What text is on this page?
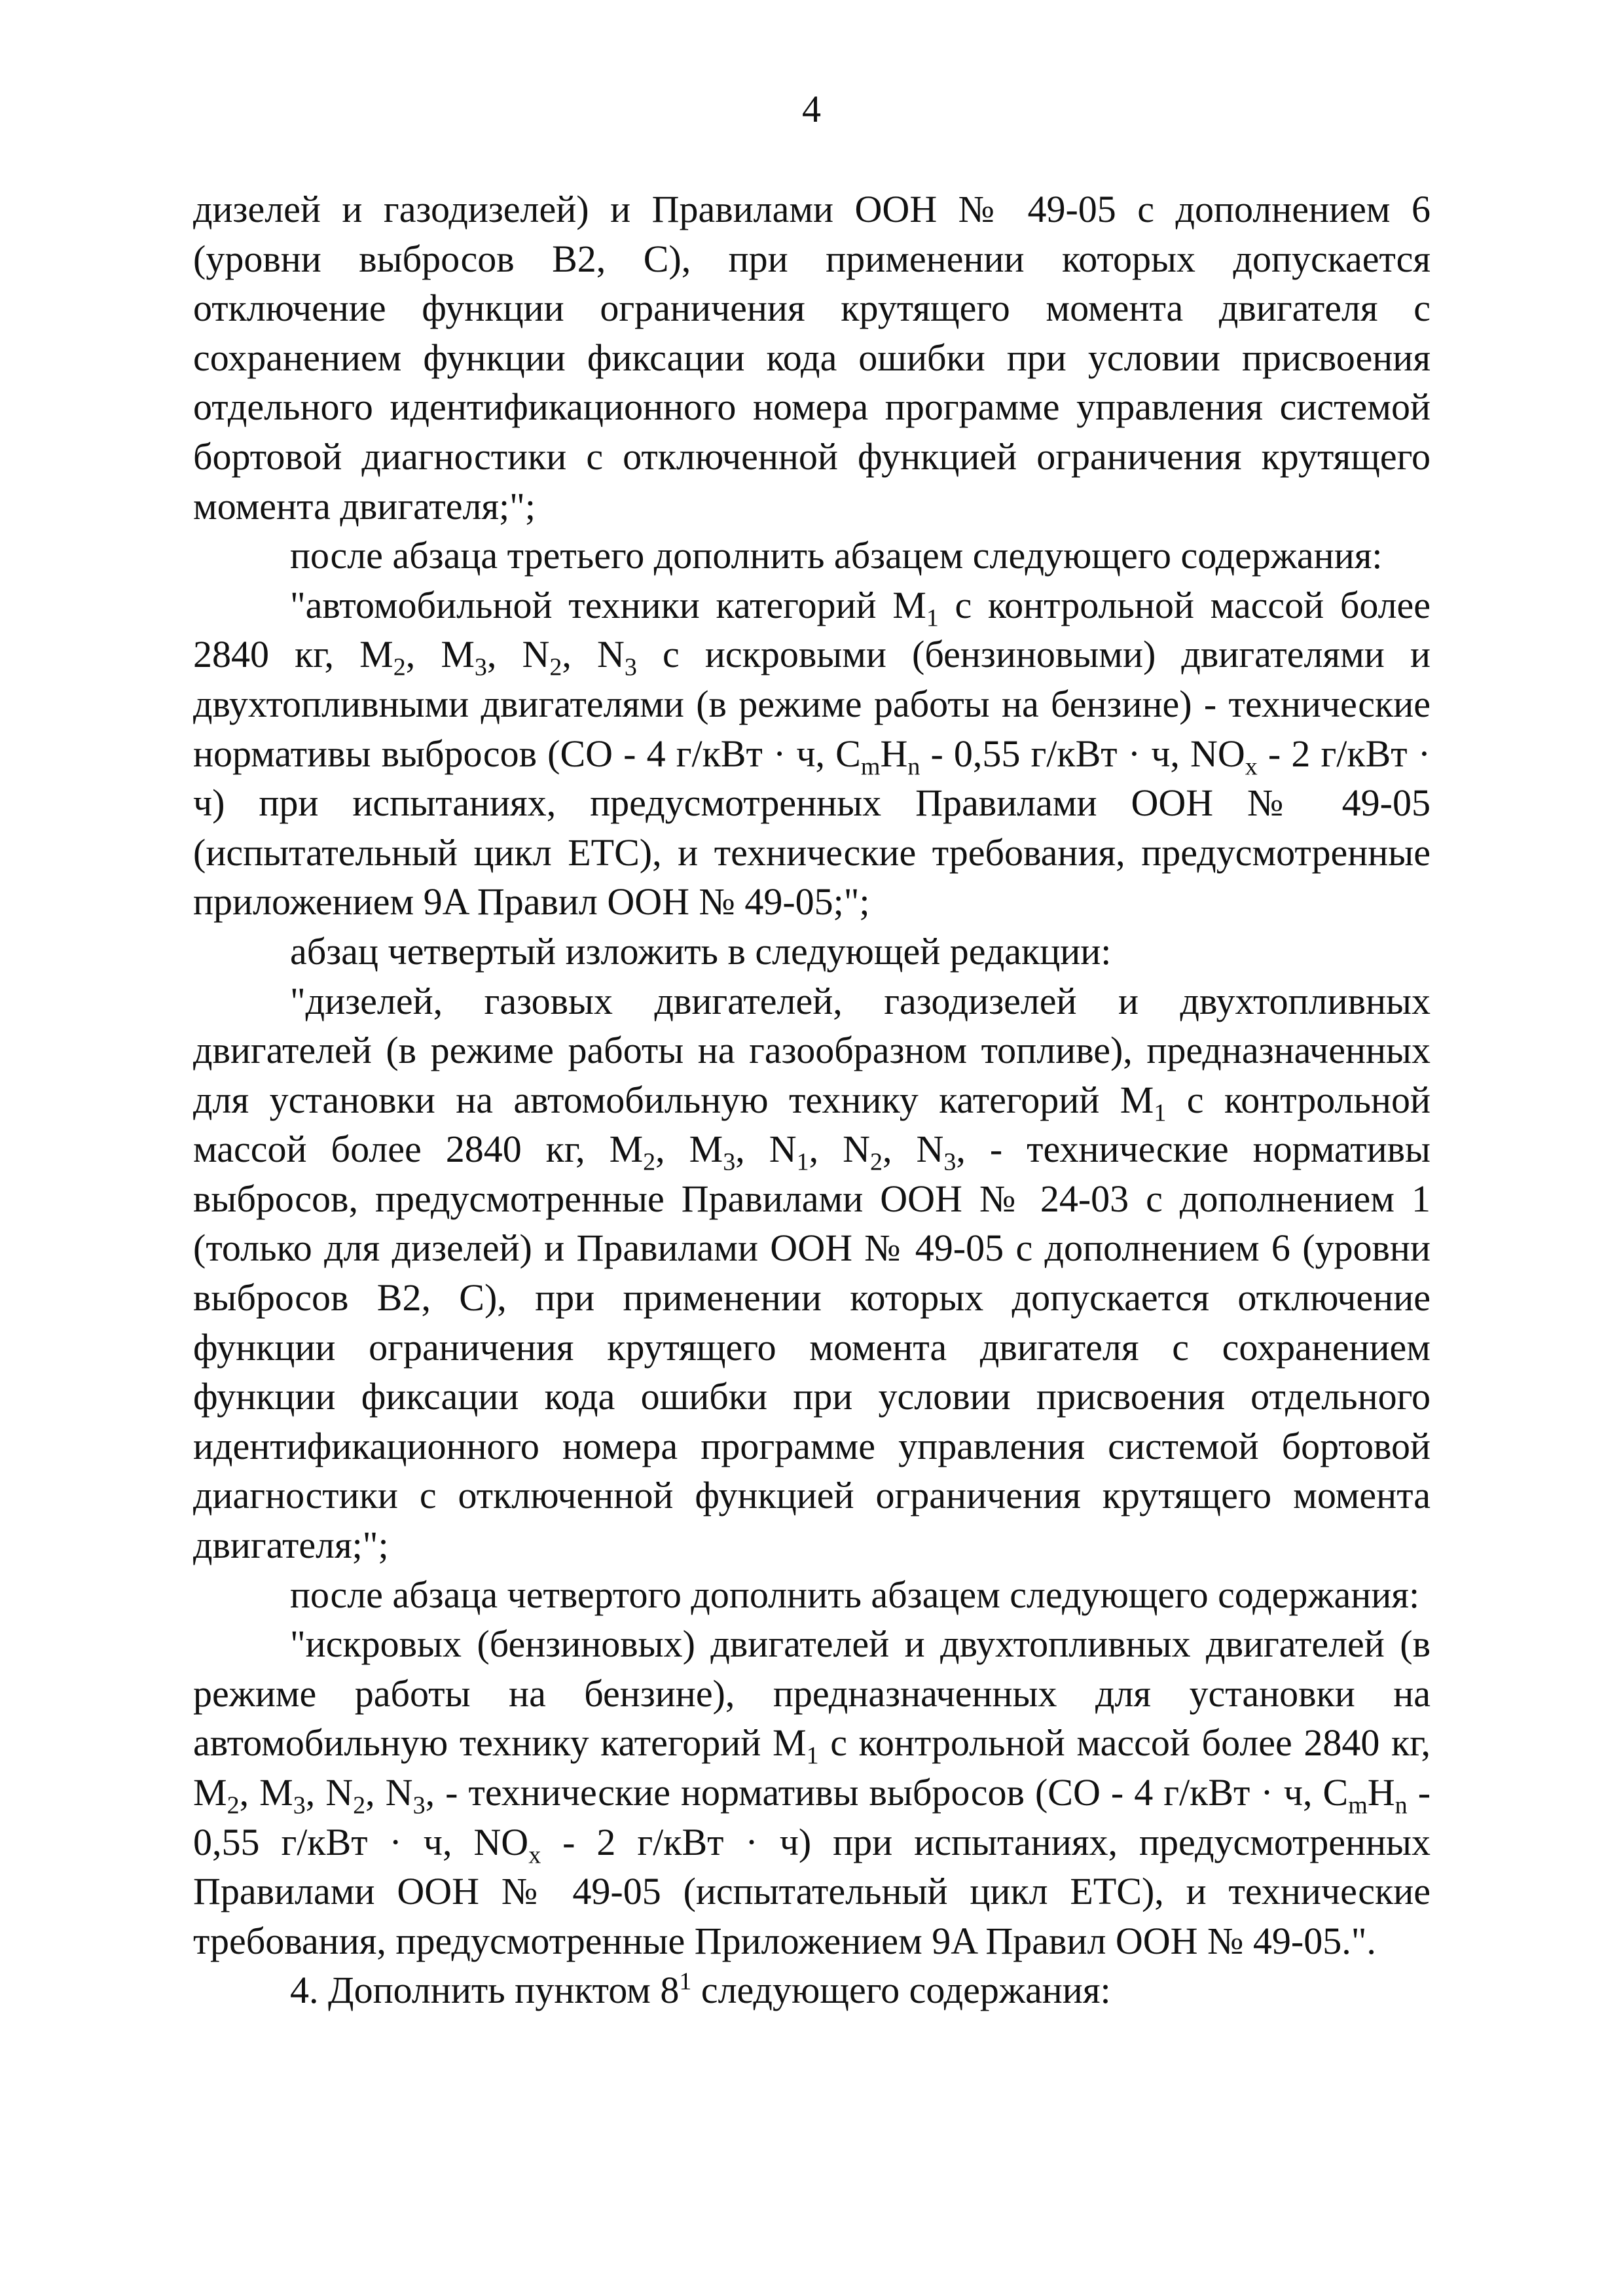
4

дизелей и газодизелей) и Правилами ООН № 49-05 с дополнением 6 (уровни выбросов B2, C), при применении которых допускается отключение функции ограничения крутящего момента двигателя с сохранением функции фиксации кода ошибки при условии присвоения отдельного идентификационного номера программе управления системой бортовой диагностики с отключенной функцией ограничения крутящего момента двигателя;";

после абзаца третьего дополнить абзацем следующего содержания:

"автомобильной техники категорий $M_1$ с контрольной массой более 2840 кг, $M_2$, $M_3$, $N_2$, $N_3$ с искровыми (бензиновыми) двигателями и двухтопливными двигателями (в режиме работы на бензине) - технические нормативы выбросов (CO - 4 г/кВт · ч, $C_mH_n - 0,55$ г/кВт · ч, $NO_x - 2$ г/кВт · ч) при испытаниях, предусмотренных Правилами ООН № 49-05 (испытательный цикл ETC), и технические требования, предусмотренные приложением 9A Правил ООН № 49-05;";

абзац четвертый изложить в следующей редакции:

"дизелей, газовых двигателей, газодизелей и двухтопливных двигателей (в режиме работы на газообразном топливе), предназначенных для установки на автомобильную технику категорий $M_1$ с контрольной массой более 2840 кг, $M_2$, $M_3$, $N_1$, $N_2$, $N_3$, - технические нормативы выбросов, предусмотренные Правилами ООН № 24-03 с дополнением 1 (только для дизелей) и Правилами ООН № 49-05 с дополнением 6 (уровни выбросов B2, C), при применении которых допускается отключение функции ограничения крутящего момента двигателя с сохранением функции фиксации кода ошибки при условии присвоения отдельного идентификационного номера программе управления системой бортовой диагностики с отключенной функцией ограничения крутящего момента двигателя;";

после абзаца четвертого дополнить абзацем следующего содержания:

"искровых (бензиновых) двигателей и двухтопливных двигателей (в режиме работы на бензине), предназначенных для установки на автомобильную технику категорий $M_1$ с контрольной массой более 2840 кг, $M_2$, $M_3$, $N_2$, $N_3$, - технические нормативы выбросов (CO - 4 г/кВт · ч, $C_mH_n - 0,55$ г/кВт · ч, $NO_x - 2$ г/кВт · ч) при испытаниях, предусмотренных Правилами ООН № 49-05 (испытательный цикл ETC), и технические требования, предусмотренные Приложением 9A Правил ООН № 49-05.".

4. Дополнить пунктом $8^1$ следующего содержания:
